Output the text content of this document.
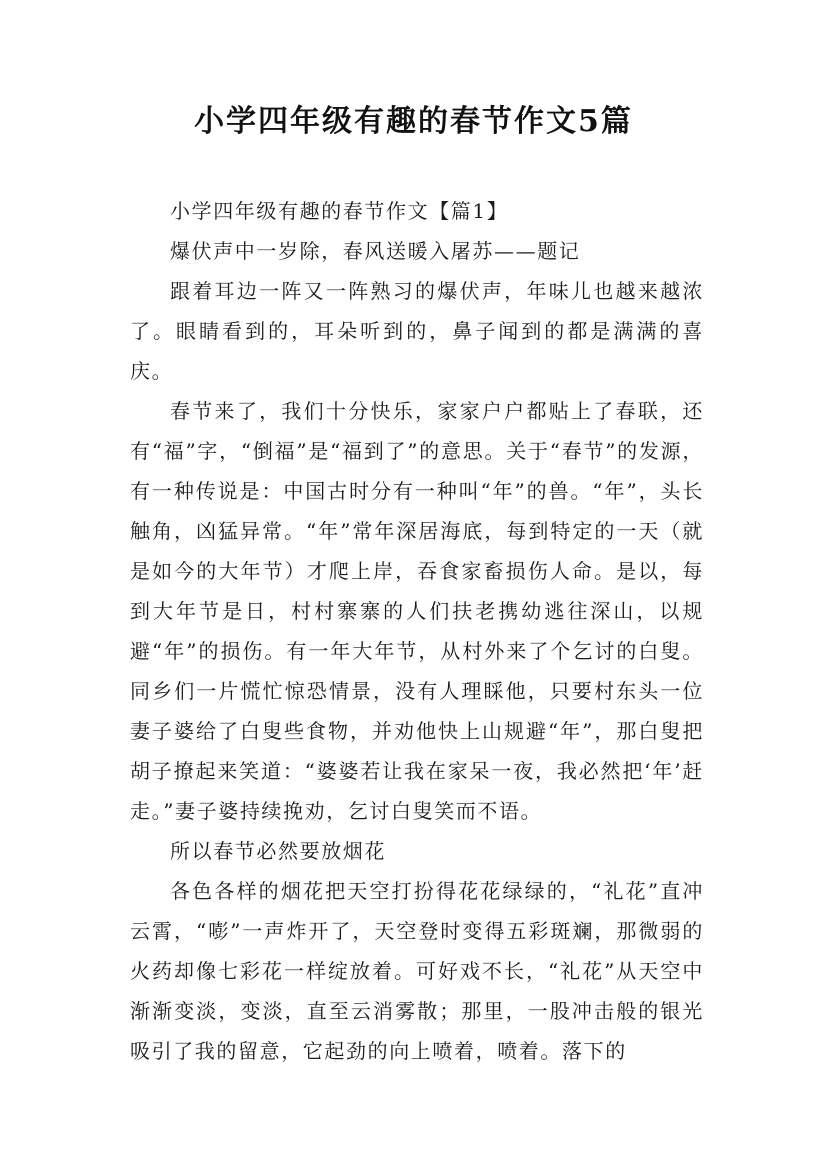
小学四年级有趣的春节作文5篇

小学四年级有趣的春节作文【篇1】

爆伏声中一岁除，春风送暖入屠苏——题记

跟着耳边一阵又一阵熟习的爆伏声，年味儿也越来越浓了。眼睛看到的，耳朵听到的，鼻子闻到的都是满满的喜庆。

春节来了，我们十分快乐，家家户户都贴上了春联，还有“福”字，“倒福”是“福到了”的意思。关于“春节”的发源，有一种传说是：中国古时分有一种叫“年”的兽。“年”，头长触角，凶猛异常。“年”常年深居海底，每到特定的一天（就是如今的大年节）才爬上岸，吞食家畜损伤人命。是以，每到大年节是日，村村寨寨的人们扶老携幼逃往深山，以规避“年”的损伤。有一年大年节，从村外来了个乞讨的白叟。同乡们一片慌忙惊恐情景，没有人理睬他，只要村东头一位妻子婆给了白叟些食物，并劝他快上山规避“年”，那白叟把胡子撩起来笑道：“婆婆若让我在家呆一夜，我必然把‘年’赶走。”妻子婆持续挽劝，乞讨白叟笑而不语。

所以春节必然要放烟花

各色各样的烟花把天空打扮得花花绿绿的，“礼花”直冲云霄，“嘭”一声炸开了，天空登时变得五彩斑斓，那微弱的火药却像七彩花一样绽放着。可好戏不长，“礼花”从天空中渐渐变淡，变淡，直至云消雾散；那里，一股冲击般的银光吸引了我的留意，它起劲的向上喷着，喷着。落下的
